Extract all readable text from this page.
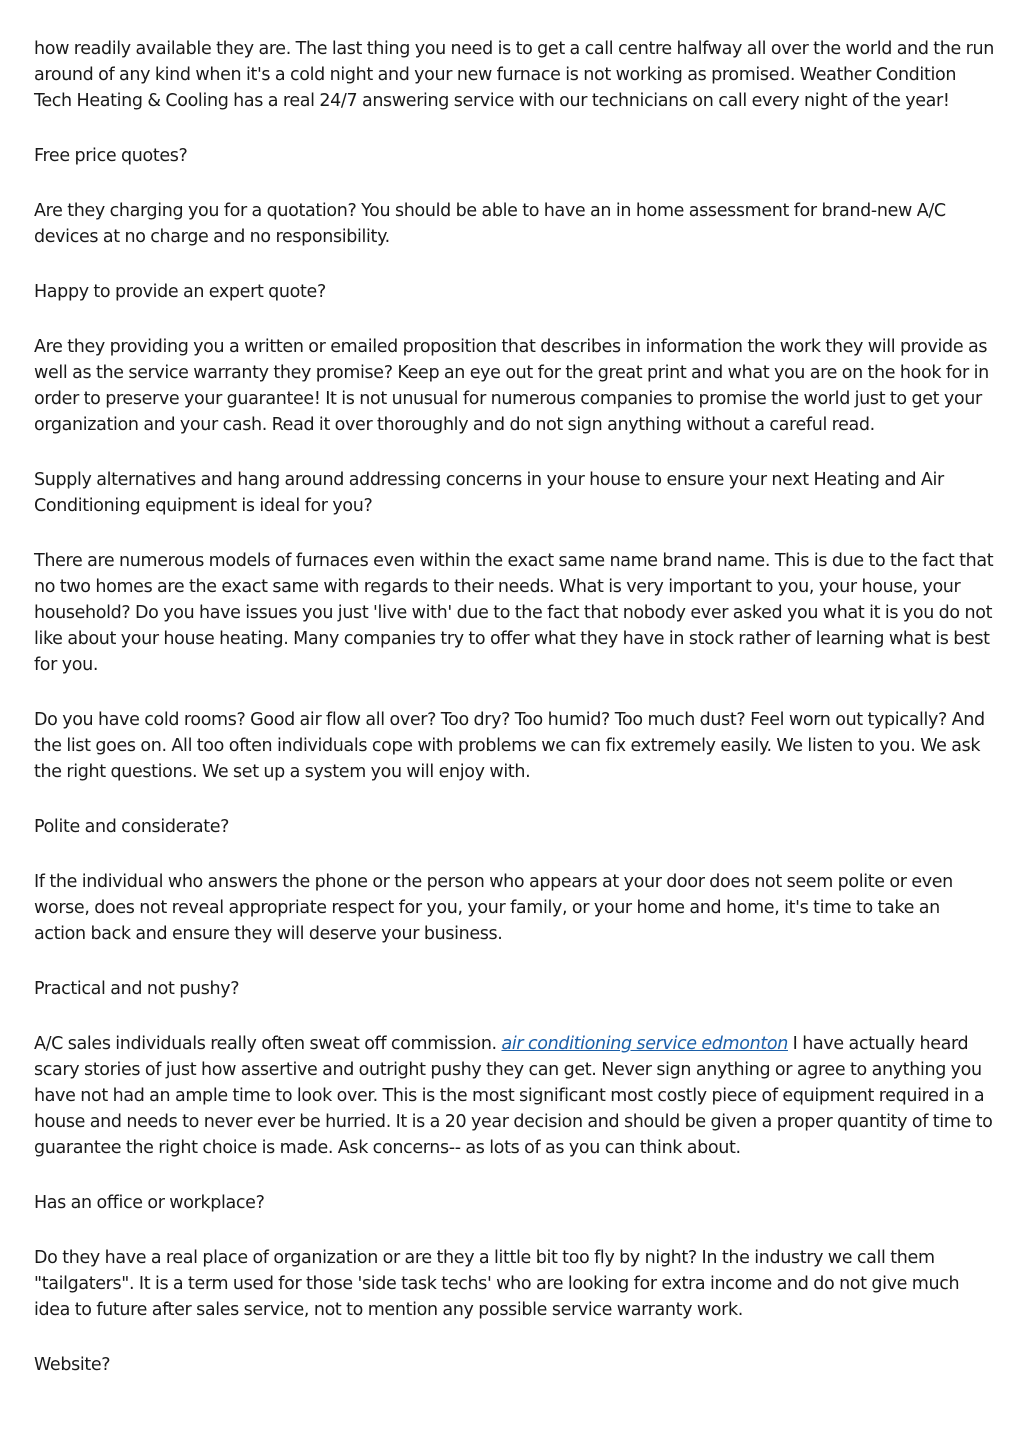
how readily available they are. The last thing you need is to get a call centre halfway all over the world and the run around of any kind when it's a cold night and your new furnace is not working as promised. Weather Condition Tech Heating & Cooling has a real 24/7 answering service with our technicians on call every night of the year!

Free price quotes?

Are they charging you for a quotation? You should be able to have an in home assessment for brand-new A/C devices at no charge and no responsibility.

Happy to provide an expert quote?

Are they providing you a written or emailed proposition that describes in information the work they will provide as well as the service warranty they promise? Keep an eye out for the great print and what you are on the hook for in order to preserve your guarantee! It is not unusual for numerous companies to promise the world just to get your organization and your cash. Read it over thoroughly and do not sign anything without a careful read.

Supply alternatives and hang around addressing concerns in your house to ensure your next Heating and Air Conditioning equipment is ideal for you?

There are numerous models of furnaces even within the exact same name brand name. This is due to the fact that no two homes are the exact same with regards to their needs. What is very important to you, your house, your household? Do you have issues you just 'live with' due to the fact that nobody ever asked you what it is you do not like about your house heating. Many companies try to offer what they have in stock rather of learning what is best for you.

Do you have cold rooms? Good air flow all over? Too dry? Too humid? Too much dust? Feel worn out typically? And the list goes on. All too often individuals cope with problems we can fix extremely easily. We listen to you. We ask the right questions. We set up a system you will enjoy with.

Polite and considerate?

If the individual who answers the phone or the person who appears at your door does not seem polite or even worse, does not reveal appropriate respect for you, your family, or your home and home, it's time to take an action back and ensure they will deserve your business.

Practical and not pushy?

A/C sales individuals really often sweat off commission. air conditioning service edmonton I have actually heard scary stories of just how assertive and outright pushy they can get. Never sign anything or agree to anything you have not had an ample time to look over. This is the most significant most costly piece of equipment required in a house and needs to never ever be hurried. It is a 20 year decision and should be given a proper quantity of time to guarantee the right choice is made. Ask concerns-- as lots of as you can think about.

Has an office or workplace?

Do they have a real place of organization or are they a little bit too fly by night? In the industry we call them "tailgaters". It is a term used for those 'side task techs' who are looking for extra income and do not give much idea to future after sales service, not to mention any possible service warranty work.

Website?
